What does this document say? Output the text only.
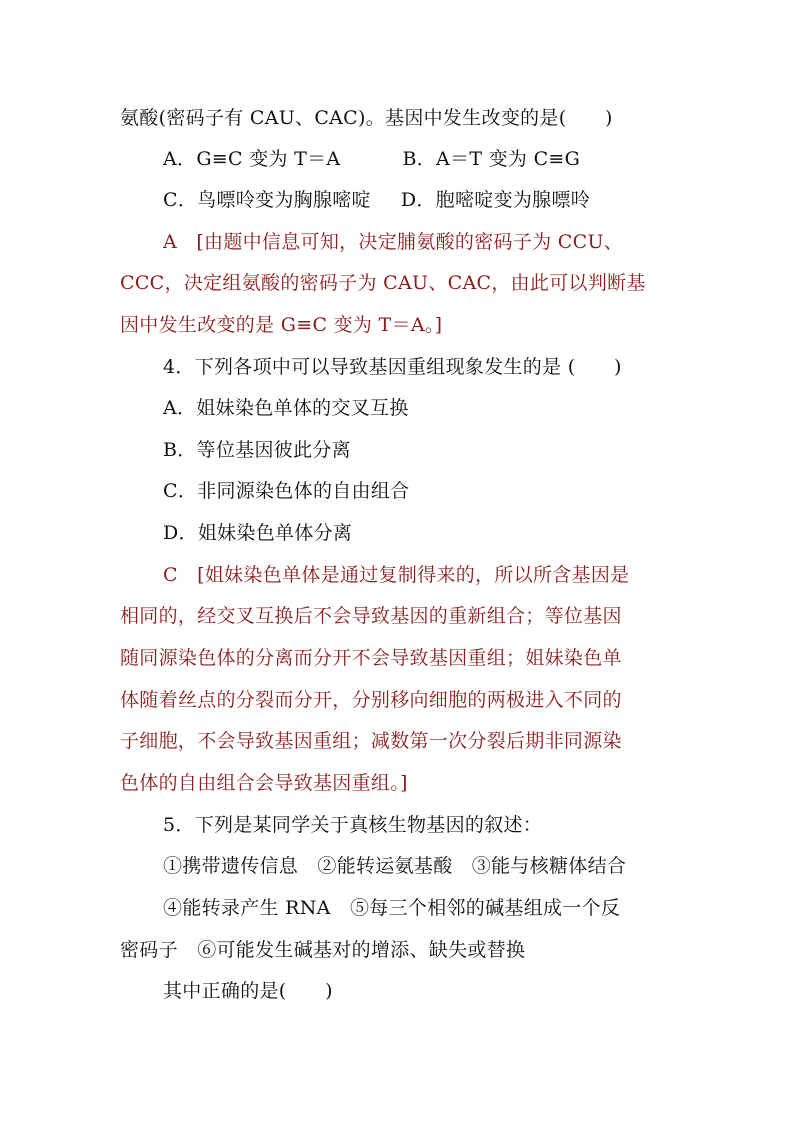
氨酸(密码子有 CAU、CAC)。基因中发生改变的是(　　)
A．G≡C 变为 T＝A	B．A＝T 变为 C≡G
C．鸟嘌呤变为胸腺嘧啶 D．胞嘧啶变为腺嘌呤
A　[由题中信息可知，决定脯氨酸的密码子为 CCU、
CCC，决定组氨酸的密码子为 CAU、CAC，由此可以判断基
因中发生改变的是 G≡C 变为 T＝A。]
4．下列各项中可以导致基因重组现象发生的是 (　　)
A．姐妹染色单体的交叉互换
B．等位基因彼此分离
C．非同源染色体的自由组合
D．姐妹染色单体分离
C　[姐妹染色单体是通过复制得来的，所以所含基因是
相同的，经交叉互换后不会导致基因的重新组合；等位基因
随同源染色体的分离而分开不会导致基因重组；姐妹染色单
体随着丝点的分裂而分开，分别移向细胞的两极进入不同的
子细胞，不会导致基因重组；减数第一次分裂后期非同源染
色体的自由组合会导致基因重组。]
5．下列是某同学关于真核生物基因的叙述：
①携带遗传信息　②能转运氨基酸　③能与核糖体结合
④能转录产生 RNA　⑤每三个相邻的碱基组成一个反
密码子　⑥可能发生碱基对的增添、缺失或替换
其中正确的是(　　)
